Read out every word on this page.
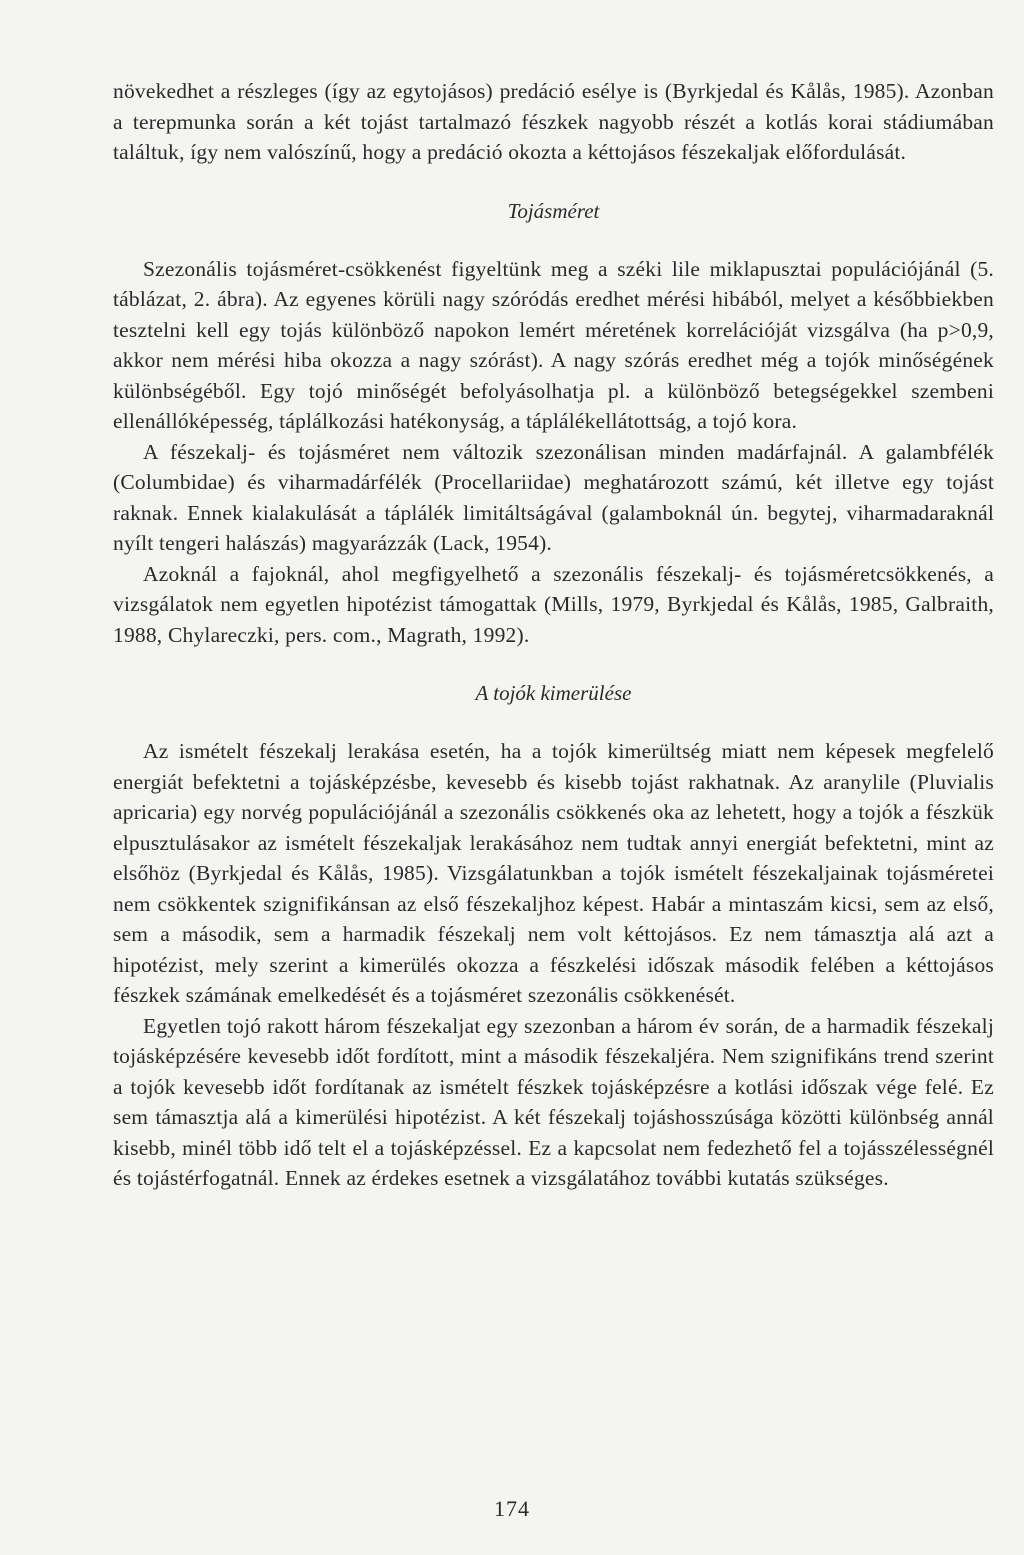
növekedhet a részleges (így az egytojásos) predáció esélye is (Byrkjedal és Kålås, 1985). Azonban a terepmunka során a két tojást tartalmazó fészkek nagyobb részét a kotlás korai stádiumában találtuk, így nem valószínű, hogy a predáció okozta a kéttojásos fészekaljak előfordulását.

Tojásméret

Szezonális tojásméret-csökkenést figyeltünk meg a széki lile miklapusztai populációjánál (5. táblázat, 2. ábra). Az egyenes körüli nagy szóródás eredhet mérési hibából, melyet a későbbiekben tesztelni kell egy tojás különböző napokon lemért méretének korrelációját vizsgálva (ha p>0,9, akkor nem mérési hiba okozza a nagy szórást). A nagy szórás eredhet még a tojók minőségének különbségéből. Egy tojó minőségét befolyásolhatja pl. a különböző betegségekkel szembeni ellenállóképesség, táplálkozási hatékonyság, a táplálékellátottság, a tojó kora.

A fészekalj- és tojásméret nem változik szezonálisan minden madárfajnál. A galambfélék (Columbidae) és viharmadárfélék (Procellariidae) meghatározott számú, két illetve egy tojást raknak. Ennek kialakulását a táplálék limitáltságával (galamboknál ún. begytej, viharmadaraknál nyílt tengeri halászás) magyarázzák (Lack, 1954).

Azoknál a fajoknál, ahol megfigyelhető a szezonális fészekalj- és tojásméretcsökkenés, a vizsgálatok nem egyetlen hipotézist támogattak (Mills, 1979, Byrkjedal és Kålås, 1985, Galbraith, 1988, Chylareczki, pers. com., Magrath, 1992).

A tojók kimerülése

Az ismételt fészekalj lerakása esetén, ha a tojók kimerültség miatt nem képesek megfelelő energiát befektetni a tojásképzésbe, kevesebb és kisebb tojást rakhatnak. Az aranylile (Pluvialis apricaria) egy norvég populációjánál a szezonális csökkenés oka az lehetett, hogy a tojók a fészkük elpusztulásakor az ismételt fészekaljak lerakásához nem tudtak annyi energiát befektetni, mint az elsőhöz (Byrkjedal és Kålås, 1985). Vizsgálatunkban a tojók ismételt fészekaljainak tojásméretei nem csökkentek szignifikánsan az első fészekaljhoz képest. Habár a mintaszám kicsi, sem az első, sem a második, sem a harmadik fészekalj nem volt kéttojásos. Ez nem támasztja alá azt a hipotézist, mely szerint a kimerülés okozza a fészkelési időszak második felében a kéttojásos fészkek számának emelkedését és a tojásméret szezonális csökkenését.

Egyetlen tojó rakott három fészekaljat egy szezonban a három év során, de a harmadik fészekalj tojásképzésére kevesebb időt fordított, mint a második fészekaljéra. Nem szignifikáns trend szerint a tojók kevesebb időt fordítanak az ismételt fészkek tojásképzésre a kotlási időszak vége felé. Ez sem támasztja alá a kimerülési hipotézist. A két fészekalj tojáshosszúsága közötti különbség annál kisebb, minél több idő telt el a tojásképzéssel. Ez a kapcsolat nem fedezhető fel a tojásszélességnél és tojástérfogatnál. Ennek az érdekes esetnek a vizsgálatához további kutatás szükséges.

174
